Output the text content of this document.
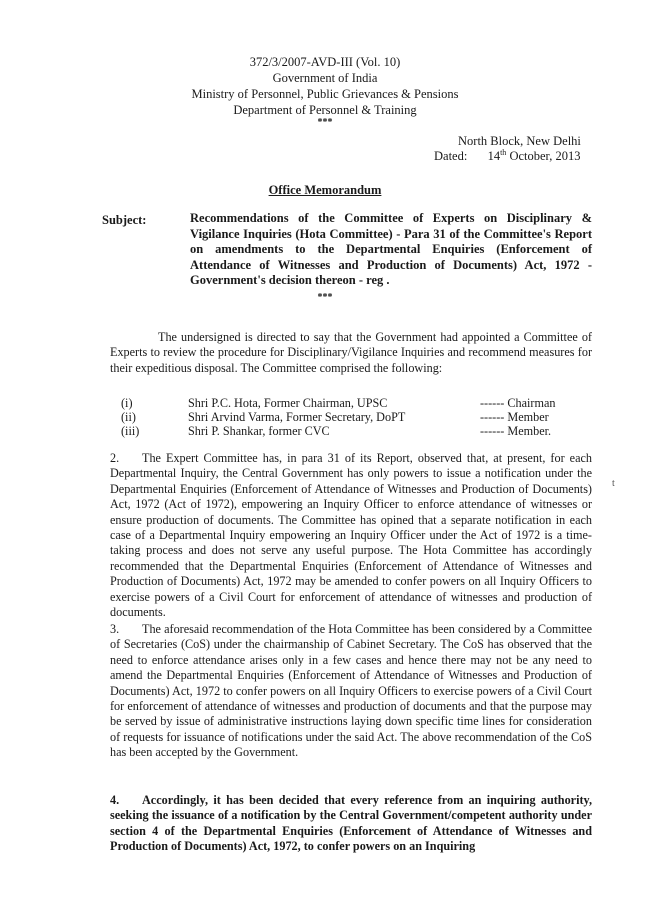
372/3/2007-AVD-III (Vol. 10)
Government of India
Ministry of Personnel, Public Grievances & Pensions
Department of Personnel & Training
***
North Block, New Delhi
Dated: 14th October, 2013
Office Memorandum
Subject:	Recommendations of the Committee of Experts on Disciplinary & Vigilance Inquiries (Hota Committee) - Para 31 of the Committee's Report on amendments to the Departmental Enquiries (Enforcement of Attendance of Witnesses and Production of Documents) Act, 1972 - Government's decision thereon - reg .
***
The undersigned is directed to say that the Government had appointed a Committee of Experts to review the procedure for Disciplinary/Vigilance Inquiries and recommend measures for their expeditious disposal. The Committee comprised the following:
(i)	Shri P.C. Hota, Former Chairman, UPSC	------ Chairman
(ii)	Shri Arvind Varma, Former Secretary, DoPT	------ Member
(iii)	Shri P. Shankar, former CVC	------ Member.
2. The Expert Committee has, in para 31 of its Report, observed that, at present, for each Departmental Inquiry, the Central Government has only powers to issue a notification under the Departmental Enquiries (Enforcement of Attendance of Witnesses and Production of Documents) Act, 1972 (Act of 1972), empowering an Inquiry Officer to enforce attendance of witnesses or ensure production of documents. The Committee has opined that a separate notification in each case of a Departmental Inquiry empowering an Inquiry Officer under the Act of 1972 is a time-taking process and does not serve any useful purpose. The Hota Committee has accordingly recommended that the Departmental Enquiries (Enforcement of Attendance of Witnesses and Production of Documents) Act, 1972 may be amended to confer powers on all Inquiry Officers to exercise powers of a Civil Court for enforcement of attendance of witnesses and production of documents.
t
3. The aforesaid recommendation of the Hota Committee has been considered by a Committee of Secretaries (CoS) under the chairmanship of Cabinet Secretary. The CoS has observed that the need to enforce attendance arises only in a few cases and hence there may not be any need to amend the Departmental Enquiries (Enforcement of Attendance of Witnesses and Production of Documents) Act, 1972 to confer powers on all Inquiry Officers to exercise powers of a Civil Court for enforcement of attendance of witnesses and production of documents and that the purpose may be served by issue of administrative instructions laying down specific time lines for consideration of requests for issuance of notifications under the said Act. The above recommendation of the CoS has been accepted by the Government.
4. Accordingly, it has been decided that every reference from an inquiring authority, seeking the issuance of a notification by the Central Government/competent authority under section 4 of the Departmental Enquiries (Enforcement of Attendance of Witnesses and Production of Documents) Act, 1972, to confer powers on an Inquiring
